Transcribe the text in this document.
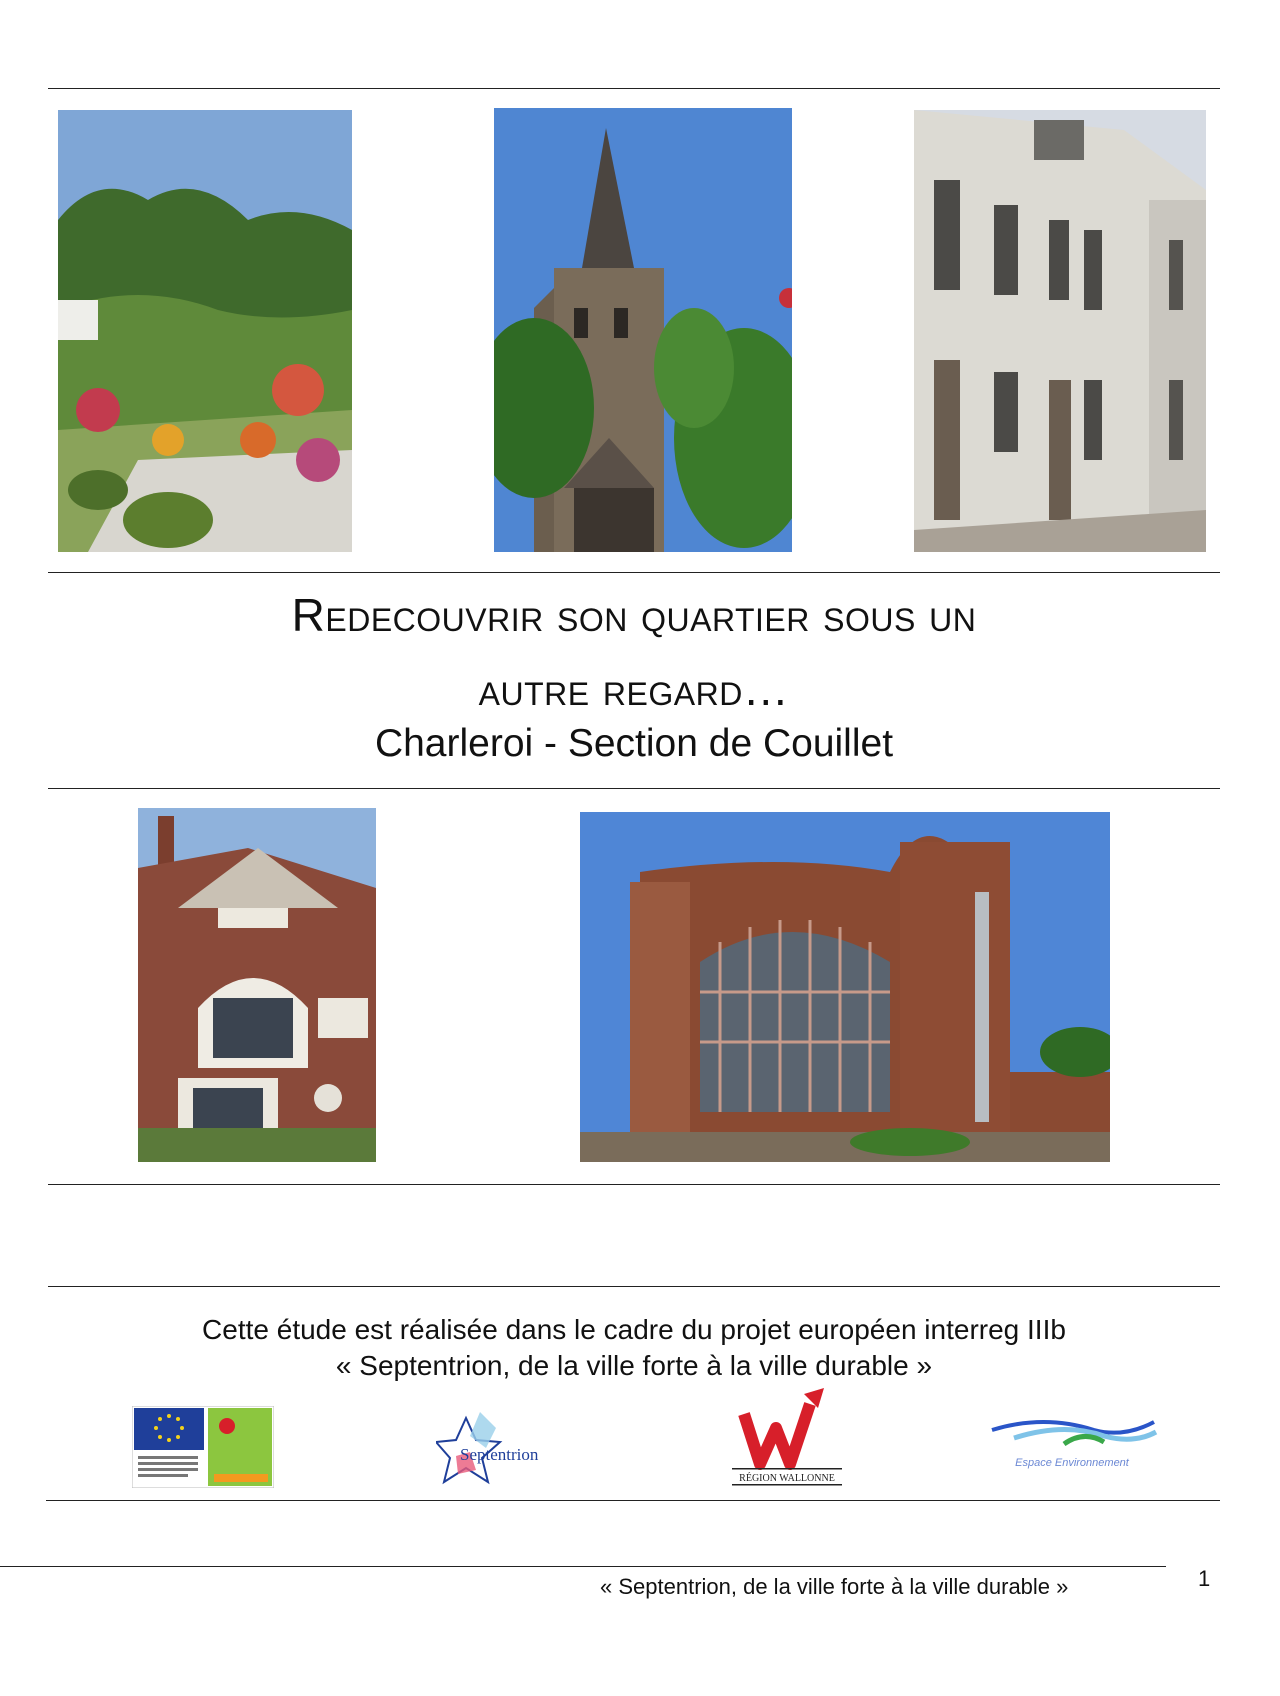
Redecouvrir son quartier sous un
autre regard…
Charleroi - Section de Couillet
Cette étude est réalisée dans le cadre du projet européen interreg IIIb
« Septentrion, de la ville forte à la ville durable »
Septentrion
RÉGION WALLONNE
Espace Environnement
« Septentrion, de la ville forte à la ville durable »	1
